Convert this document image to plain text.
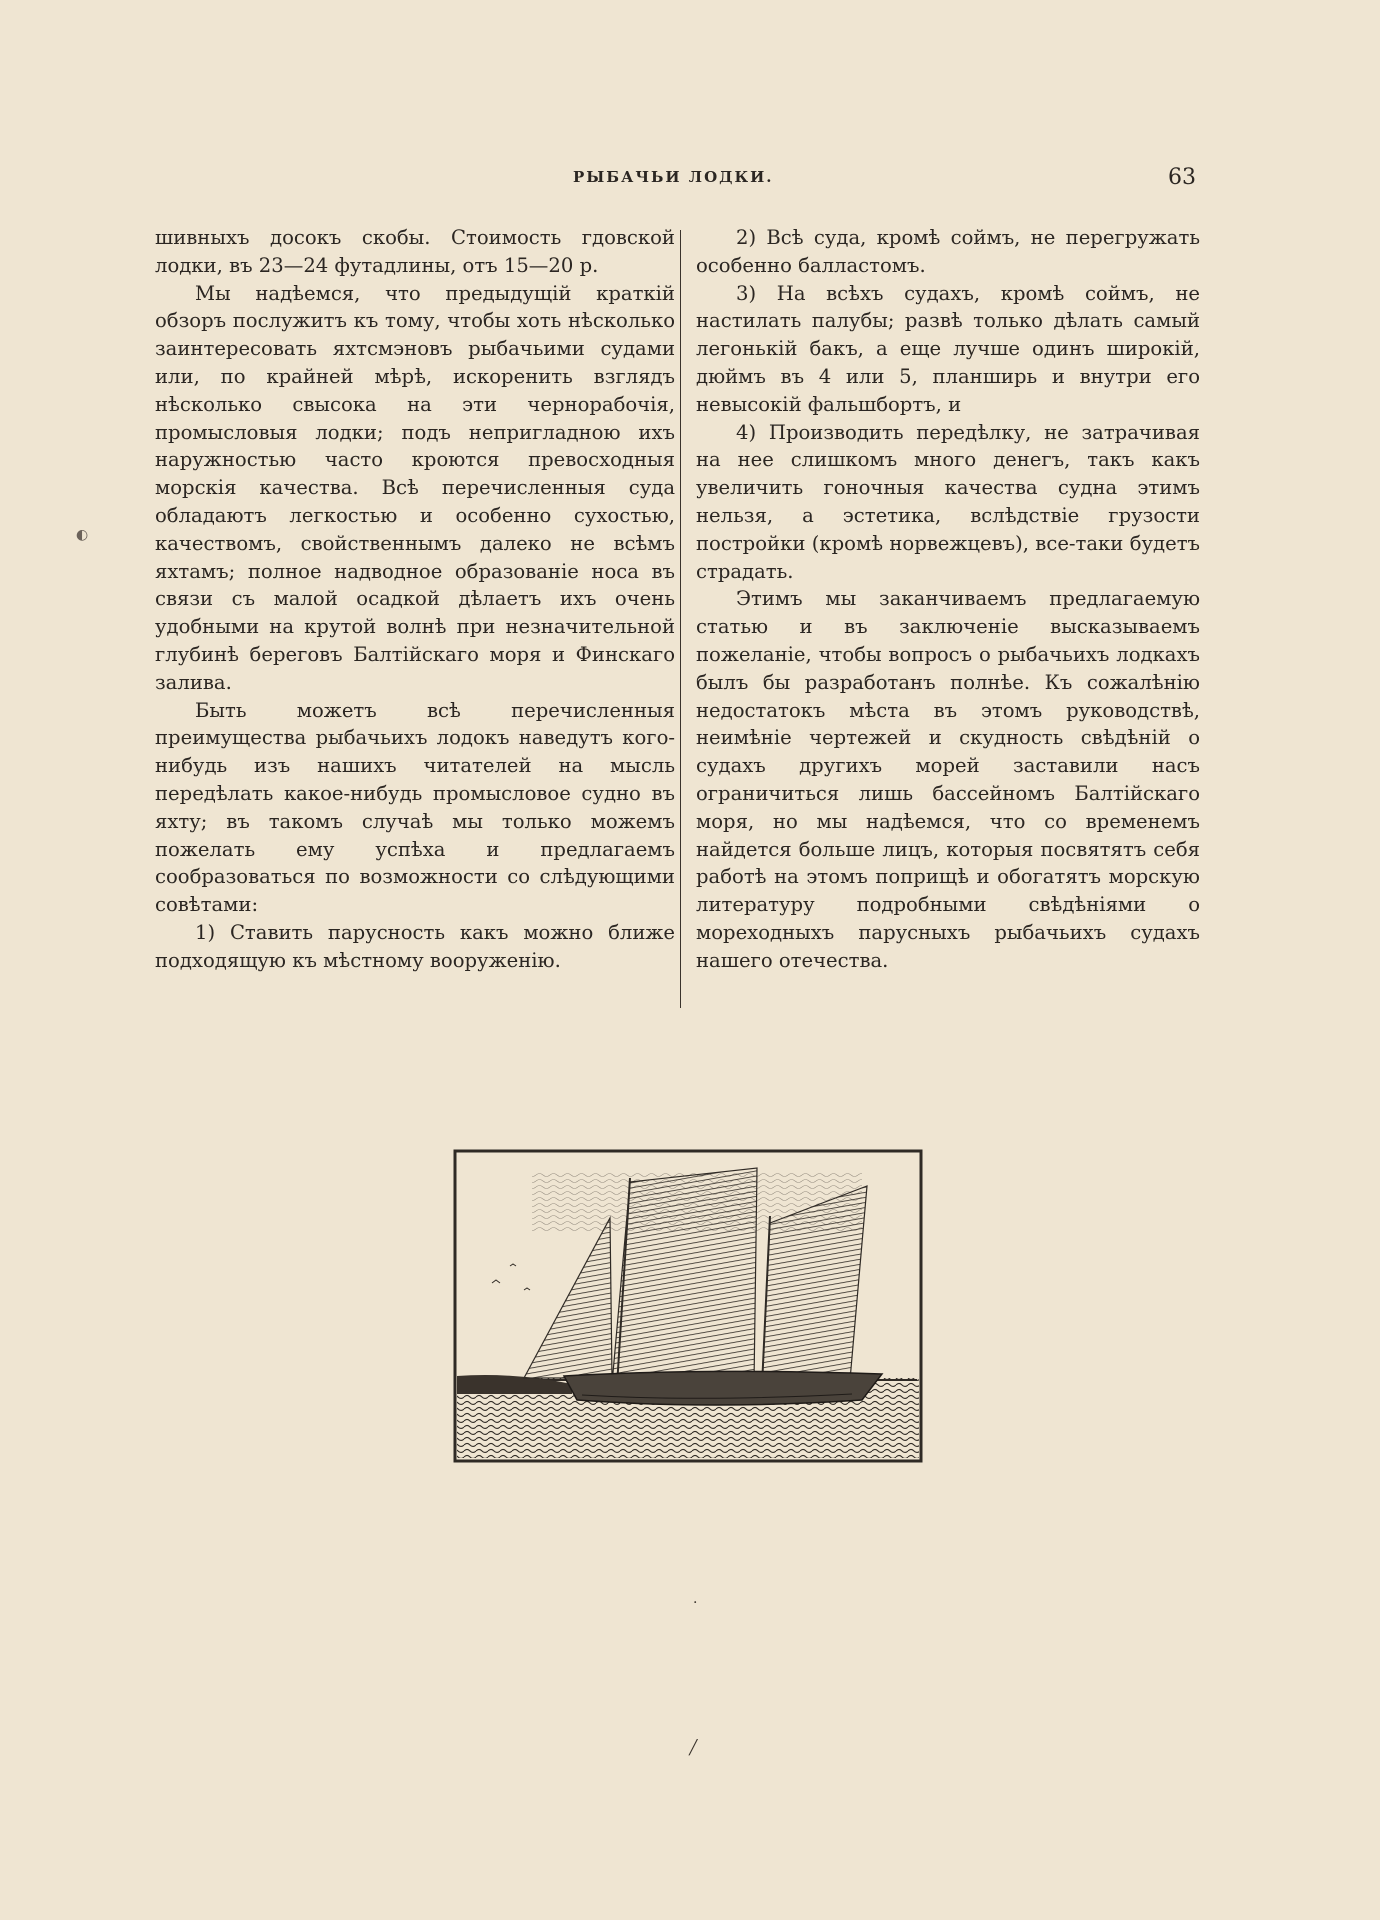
РЫБАЧЬИ ЛОДКИ.	63
◐

шивныхъ досокъ скобы. Стоимость гдовской лодки, въ 23—24 футадлины, отъ 15—20 р.

Мы надѣемся, что предыдущій краткій обзоръ послужитъ къ тому, чтобы хоть нѣсколько заинтересовать яхтсмэновъ рыбачьими судами или, по крайней мѣрѣ, искоренить взглядъ нѣсколько свысока на эти чернорабочія, промысловыя лодки; подъ непригладною ихъ наружностью часто кроются превосходныя морскія качества. Всѣ перечисленныя суда обладаютъ легкостью и особенно сухостью, качествомъ, свойственнымъ далеко не всѣмъ яхтамъ; полное надводное образованіе носа въ связи съ малой осадкой дѣлаетъ ихъ очень удобными на крутой волнѣ при незначительной глубинѣ береговъ Балтійскаго моря и Финскаго залива.

Быть можетъ всѣ перечисленныя преимущества рыбачьихъ лодокъ наведутъ кого-нибудь изъ нашихъ читателей на мысль передѣлать какое-нибудь промысловое судно въ яхту; въ такомъ случаѣ мы только можемъ пожелать ему успѣха и предлагаемъ сообразоваться по возможности со слѣдующими совѣтами:

1) Ставить парусность какъ можно ближе подходящую къ мѣстному вооруженію.

2) Всѣ суда, кромѣ соймъ, не перегружать особенно балластомъ.

3) На всѣхъ судахъ, кромѣ соймъ, не настилать палубы; развѣ только дѣлать самый легонькій бакъ, а еще лучше одинъ широкій, дюймъ въ 4 или 5, планширь и внутри его невысокій фальшбортъ, и

4) Производить передѣлку, не затрачивая на нее слишкомъ много денегъ, такъ какъ увеличить гоночныя качества судна этимъ нельзя, а эстетика, вслѣдствіе грузости постройки (кромѣ норвежцевъ), все-таки будетъ страдать.

Этимъ мы заканчиваемъ предлагаемую статью и въ заключеніе высказываемъ пожеланіе, чтобы вопросъ о рыбачьихъ лодкахъ былъ бы разработанъ полнѣе. Къ сожалѣнію недостатокъ мѣста въ этомъ руководствѣ, неимѣніе чертежей и скудность свѣдѣній о судахъ другихъ морей заставили насъ ограничиться лишь бассейномъ Балтійскаго моря, но мы надѣемся, что со временемъ найдется больше лицъ, которыя посвятятъ себя работѣ на этомъ поприщѣ и обогатятъ морскую литературу подробными свѣдѣніями о мореходныхъ парусныхъ рыбачьихъ судахъ нашего отечества.

·
╱
